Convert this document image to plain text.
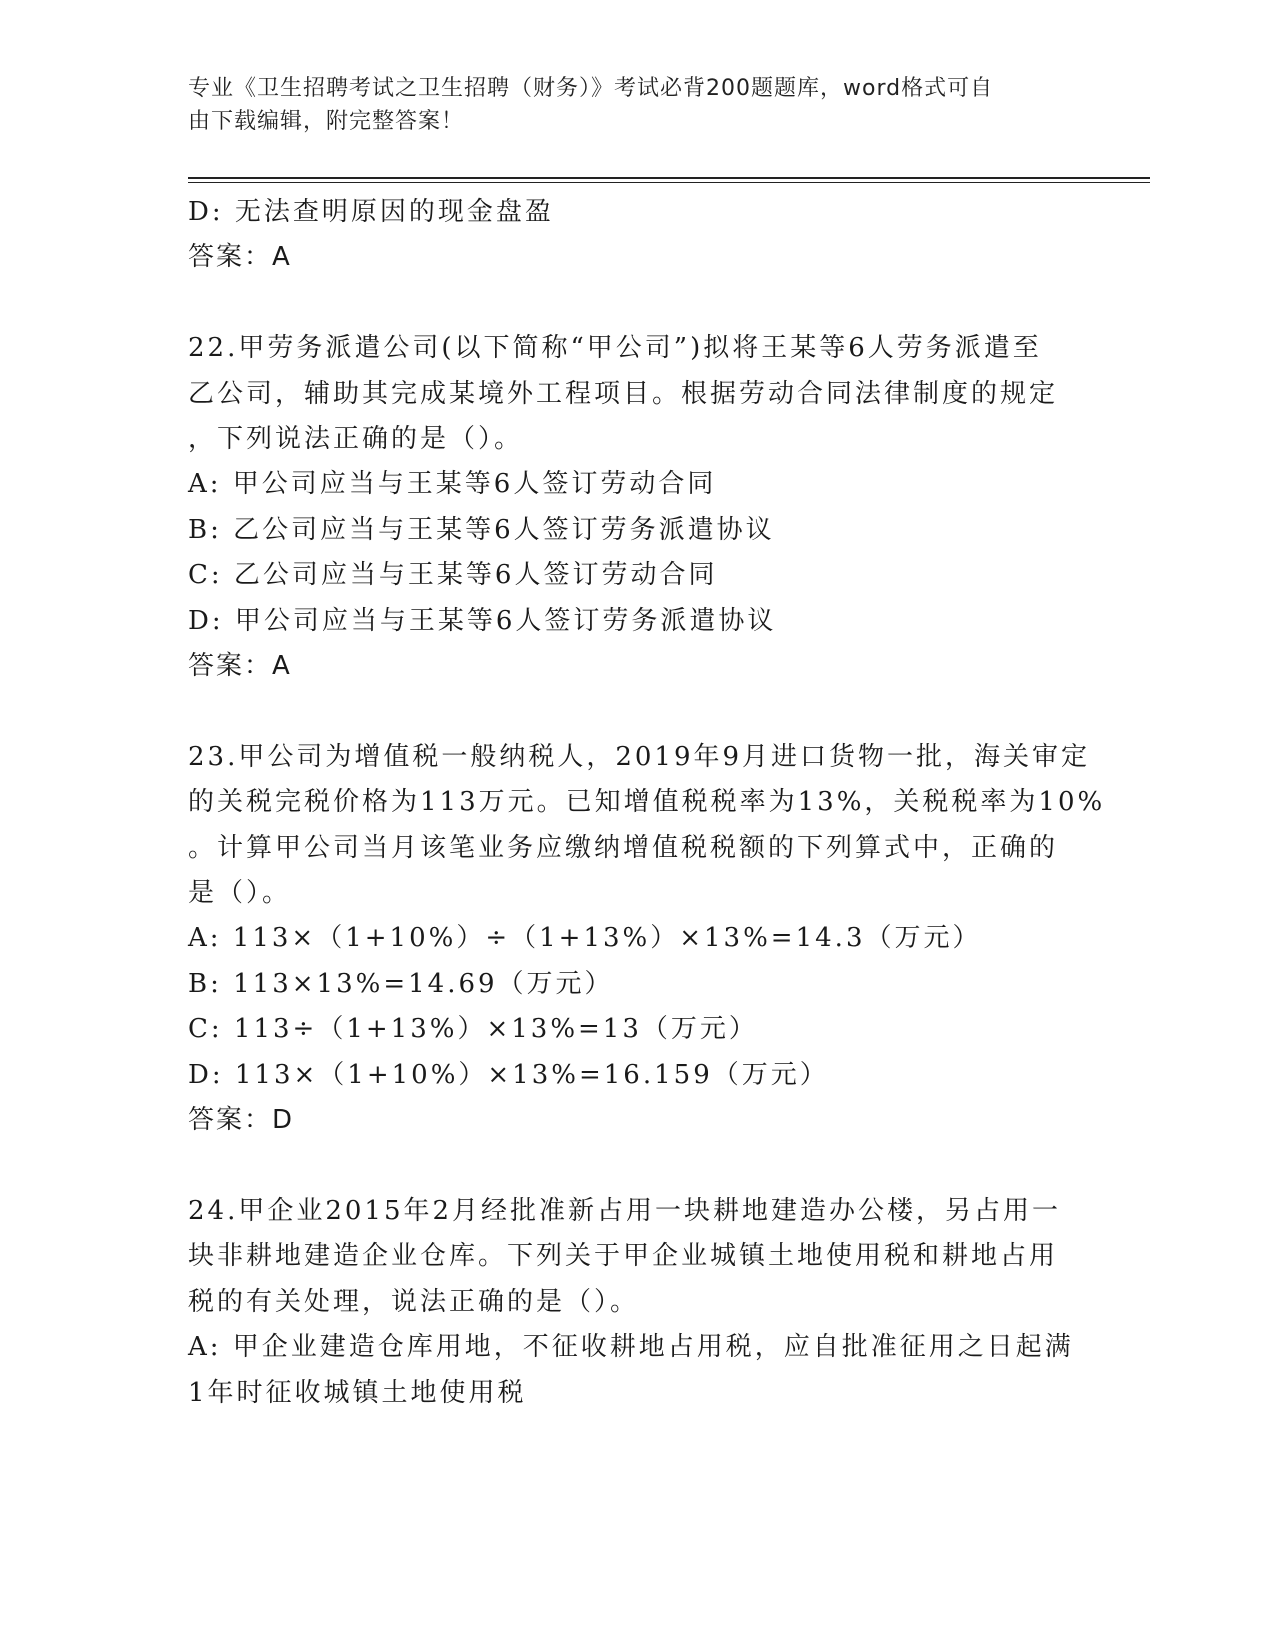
专业《卫生招聘考试之卫生招聘（财务）》考试必背200题题库，word格式可自
由下载编辑，附完整答案！
D: 无法查明原因的现金盘盈
答案：A
22.甲劳务派遣公司(以下简称“甲公司”)拟将王某等6人劳务派遣至
乙公司，辅助其完成某境外工程项目。根据劳动合同法律制度的规定
，下列说法正确的是（）。
A: 甲公司应当与王某等6人签订劳动合同
B: 乙公司应当与王某等6人签订劳务派遣协议
C: 乙公司应当与王某等6人签订劳动合同
D: 甲公司应当与王某等6人签订劳务派遣协议
答案：A
23.甲公司为增值税一般纳税人，2019年9月进口货物一批，海关审定
的关税完税价格为113万元。已知增值税税率为13%，关税税率为10%
。计算甲公司当月该笔业务应缴纳增值税税额的下列算式中，正确的
是（）。
A: 113×（1+10%）÷（1+13%）×13%=14.3（万元）
B: 113×13%=14.69（万元）
C: 113÷（1+13%）×13%=13（万元）
D: 113×（1+10%）×13%=16.159（万元）
答案：D
24.甲企业2015年2月经批准新占用一块耕地建造办公楼，另占用一
块非耕地建造企业仓库。下列关于甲企业城镇土地使用税和耕地占用
税的有关处理，说法正确的是（）。
A: 甲企业建造仓库用地，不征收耕地占用税，应自批准征用之日起满
1年时征收城镇土地使用税
